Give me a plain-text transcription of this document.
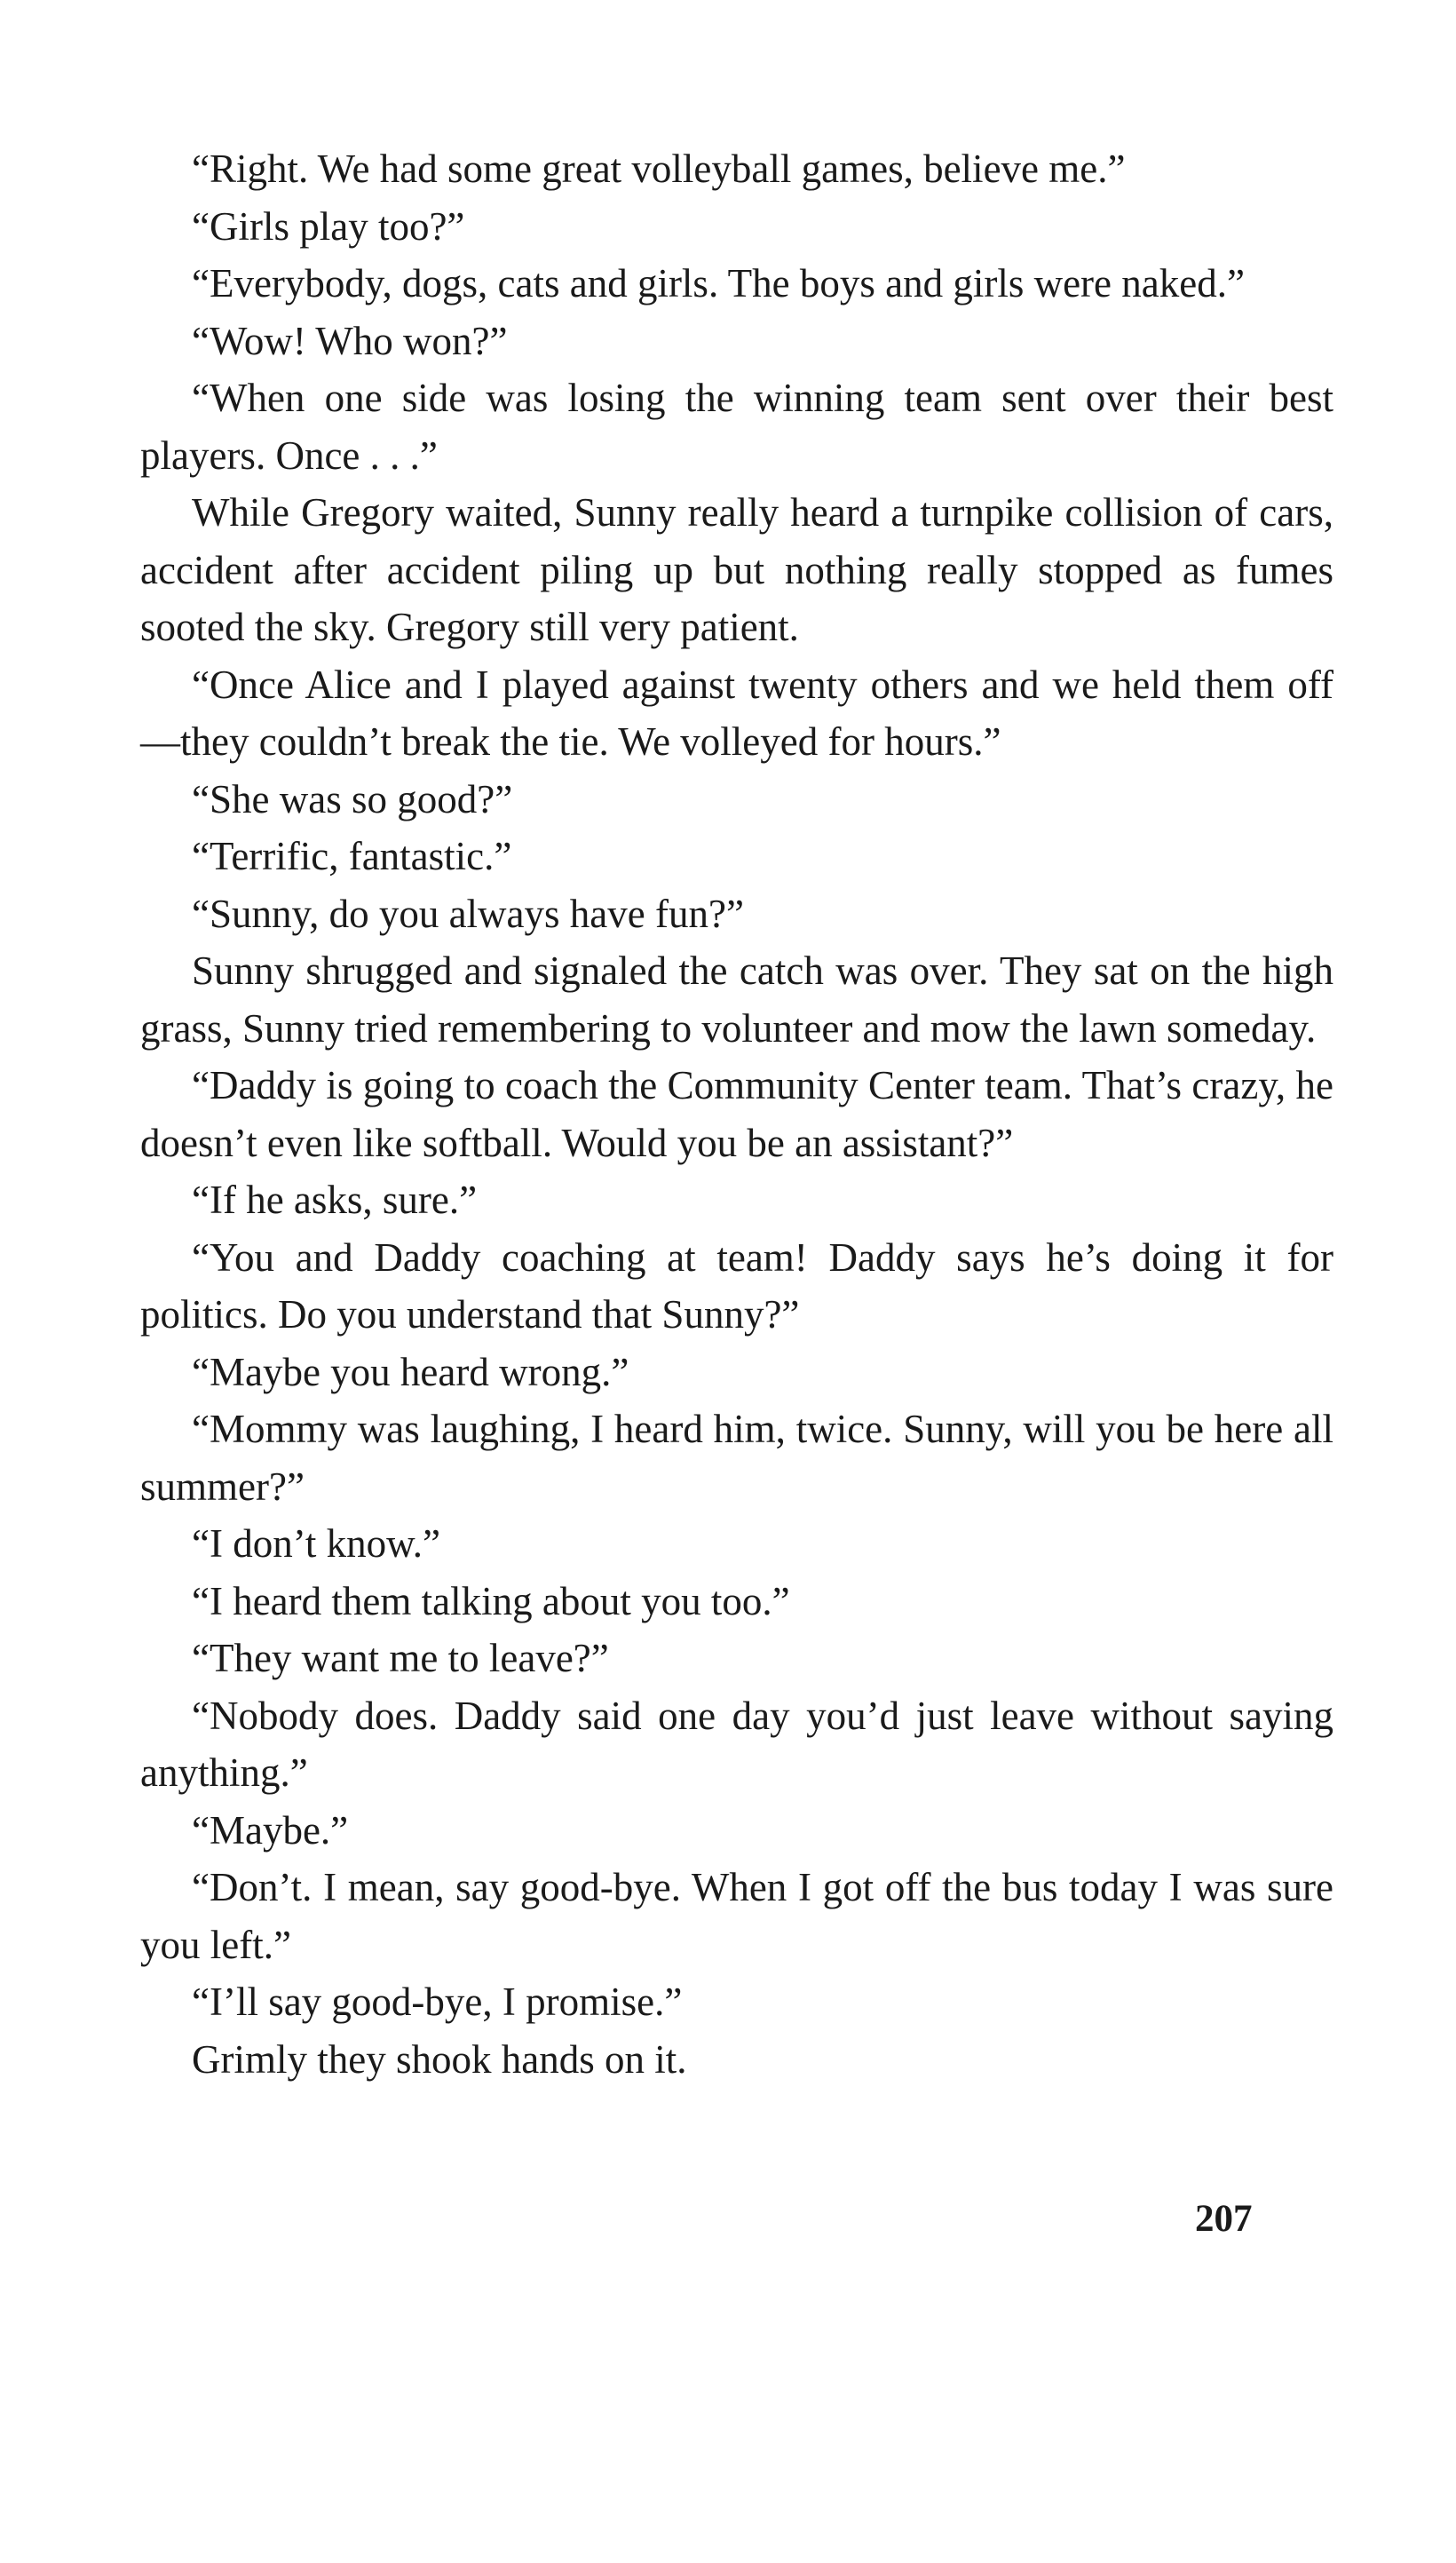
“Right. We had some great volleyball games, believe me.”

“Girls play too?”

“Everybody, dogs, cats and girls. The boys and girls were naked.”

“Wow! Who won?”

“When one side was losing the winning team sent over their best players. Once . . .”

While Gregory waited, Sunny really heard a turnpike collision of cars, accident after accident piling up but nothing really stopped as fumes sooted the sky. Gregory still very patient.

“Once Alice and I played against twenty others and we held them off—they couldn’t break the tie. We volleyed for hours.”

“She was so good?”

“Terrific, fantastic.”

“Sunny, do you always have fun?”

Sunny shrugged and signaled the catch was over. They sat on the high grass, Sunny tried remembering to volunteer and mow the lawn someday.

“Daddy is going to coach the Community Center team. That’s crazy, he doesn’t even like softball. Would you be an assistant?”

“If he asks, sure.”

“You and Daddy coaching at team! Daddy says he’s doing it for politics. Do you understand that Sunny?”

“Maybe you heard wrong.”

“Mommy was laughing, I heard him, twice. Sunny, will you be here all summer?”

“I don’t know.”

“I heard them talking about you too.”

“They want me to leave?”

“Nobody does. Daddy said one day you’d just leave without saying anything.”

“Maybe.”

“Don’t. I mean, say good-bye. When I got off the bus today I was sure you left.”

“I’ll say good-bye, I promise.”

Grimly they shook hands on it.

207
